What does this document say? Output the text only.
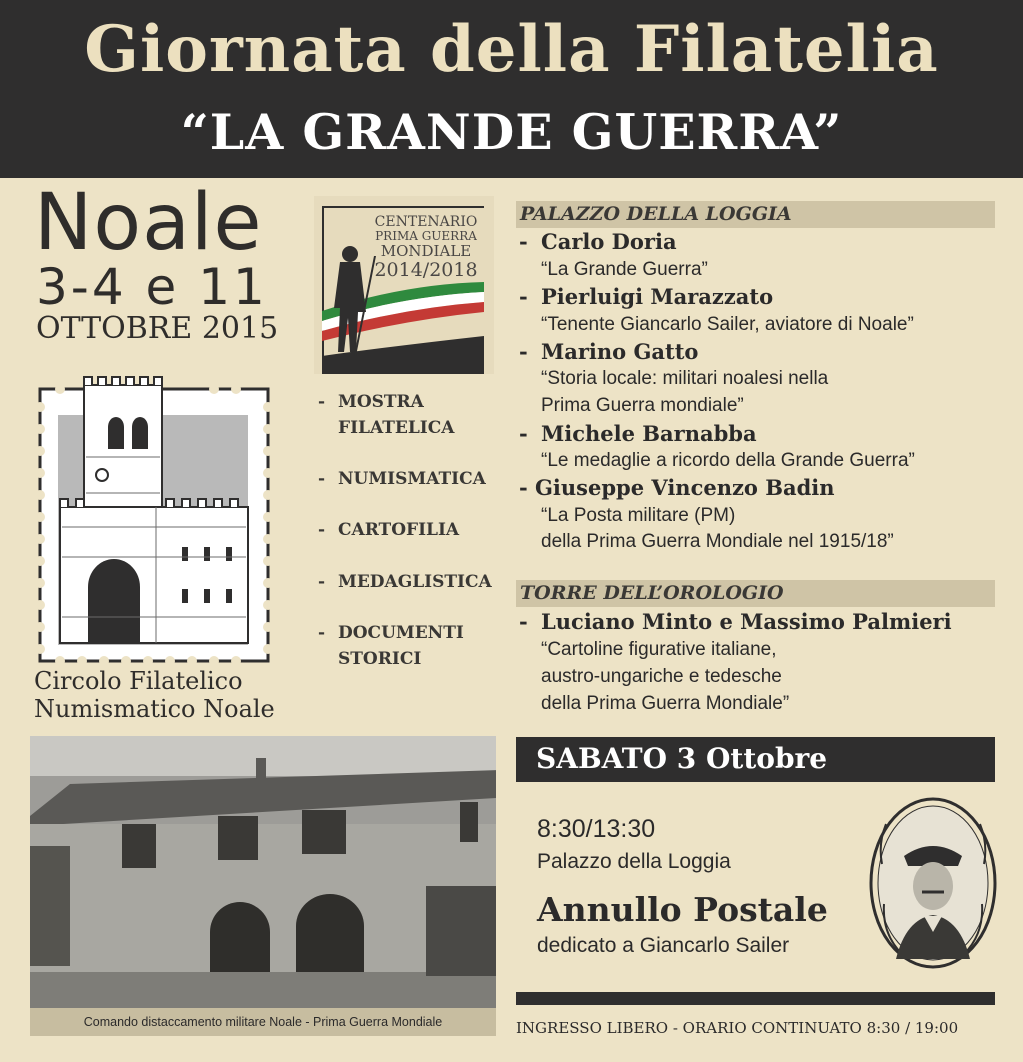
Giornata della Filatelia
“LA GRANDE GUERRA”
Noale
3-4 e 11
OTTOBRE 2015
Circolo Filatelico
Numismatico Noale
CENTENARIO
PRIMA GUERRA
MONDIALE
2014/2018
- MOSTRA
FILATELICA
- NUMISMATICA
- CARTOFILIA
- MEDAGLISTICA
- DOCUMENTI
STORICI
PALAZZO DELLA LOGGIA
- Carlo Doria
“La Grande Guerra”
- Pierluigi Marazzato
“Tenente Giancarlo Sailer, aviatore di Noale”
- Marino Gatto
“Storia locale: militari noalesi nella
Prima Guerra mondiale”
- Michele Barnabba
“Le medaglie a ricordo della Grande Guerra”
- Giuseppe Vincenzo Badin
“La Posta militare (PM)
della Prima Guerra Mondiale nel 1915/18”
TORRE DELL’OROLOGIO
- Luciano Minto e Massimo Palmieri
“Cartoline figurative italiane,
austro-ungariche e tedesche
della Prima Guerra Mondiale”
Comando distaccamento militare Noale - Prima Guerra Mondiale
SABATO 3 Ottobre
8:30/13:30
Palazzo della Loggia
Annullo Postale
dedicato a Giancarlo Sailer
INGRESSO LIBERO - ORARIO CONTINUATO 8:30 / 19:00
